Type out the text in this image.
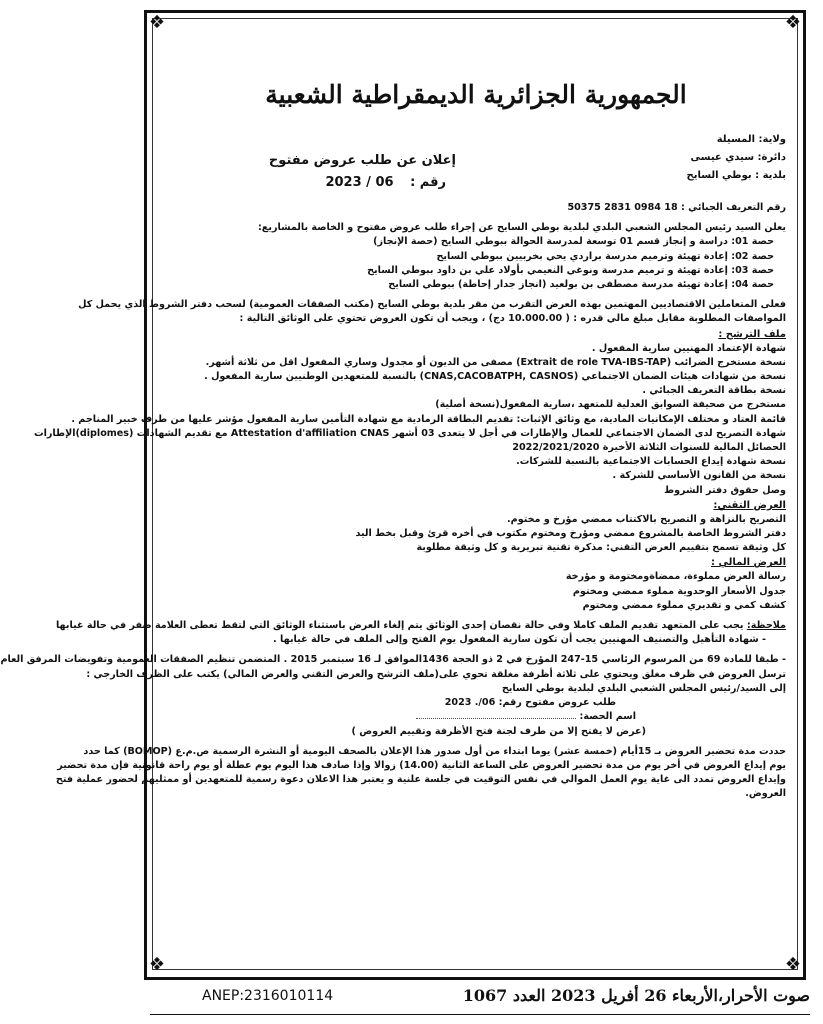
❖	❖
❖	❖
الجمهورية الجزائرية الديمقراطية الشعبية
ولاية: المسيلة
دائرة: سيدي عيسى
بلدية : بوطي السايح
إعلان عن طلب عروض مفتوح
رقم : 06 / 2023
رقم التعريف الجبائي : 18 0984 2831 50375
يعلن السيد رئيس المجلس الشعبي البلدي لبلدية بوطي السايح عن إجراء طلب عروض مفتوح و الخاصة بالمشاريع:
حصة 01: دراسة و إنجاز قسم 01 توسعة لمدرسة الحوالة ببوطي السايح (حصة الإنجاز)
حصة 02: إعادة تهيئة وترميم مدرسة براردي يحي بخربيين ببوطي السايح
حصة 03: إعادة تهيئة و ترميم مدرسة ونوغي النعيمي بأولاد علي بن داود ببوطي السايح
حصة 04: إعادة تهيئة مدرسة مصطفى بن بولعيد (انجاز جدار إحاطة) ببوطي السايح
فعلى المتعاملين الاقتصاديين المهتمين بهذه العرض التقرب من مقر بلدية بوطي السايح (مكتب الصفقات العمومية) لسحب دفتر الشروط الذي يحمل كل
المواصفات المطلوبة مقابل مبلغ مالي قدره : ( 10.000.00 دج) ، ويجب أن تكون العروض تحتوي على الوثائق التالية :
ملف الترشح :
شهادة الإعتماد المهنيين سارية المفعول .
نسخة مستخرج الضرائب (Extrait de role TVA-IBS-TAP) مصفى من الديون أو مجدول وساري المفعول اقل من ثلاثة أشهر.
نسخة من شهادات هيئات الضمان الاجتماعي (CNAS,CACOBATPH, CASNOS) بالنسبة للمتعهدين الوطنيين سارية المفعول .
نسخة بطاقة التعريف الجبائي .
مستخرج من صحيفة السوابق العدلية للمتعهد ،سارية المفعول(نسخة أصلية)
قائمة العتاد و مختلف الإمكانيات المادية، مع وثائق الإثبات: تقديم البطاقة الرمادية مع شهادة التأمين سارية المفعول مؤشر عليها من طرف خبير المناجم .
شهادة التصريح لدى الضمان الاجتماعي للعمال والإطارات في أجل لا يتعدى 03 أشهر Attestation d'affiliation CNAS مع تقديم الشهادات (diplomes)الإطارات
الحصائل المالية للسنوات الثلاثة الأخيرة 2022/2021/2020
نسخة شهادة إيداع الحسابات الاجتماعية بالنسبة للشركات.
نسخة من القانون الأساسي للشركة .
وصل حقوق دفتر الشروط
العرض التقني:
التصريح بالنزاهة و التصريح بالاكتتاب ممضي مؤرخ و مختوم.
دفتر الشروط الخاصة بالمشروع ممضي ومؤرخ ومختوم مكتوب في أخره قرئ وقبل بخط اليد
كل وثيقة تسمح بتقييم العرض التقني: مذكرة تقنية تبريرية و كل وثيقة مطلوبة
العرض المالي :
رسالة العرض مملوءة، ممضاةومختومة و مؤرخة
جدول الأسعار الوحدوية مملوء ممضي ومختوم
كشف كمي و تقديري مملوء ممضي ومختوم
ملاحظة: يجب على المتعهد تقديم الملف كاملا وفي حالة نقصان إحدى الوثائق يتم إلغاء العرض باستثناء الوثائق التي لتقط تعطى العلامة صفر في حالة غيابها
- شهادة التأهيل والتصنيف المهنيين يجب أن تكون سارية المفعول يوم الفتح وإلى الملف في حالة غيابها .
- طبقا للمادة 69 من المرسوم الرئاسي 15-247 المؤرخ في 2 ذو الحجة 1436الموافق لـ 16 سبتمبر 2015 . المتضمن تنظيم الصفقات العمومية وتفويضات المرفق العام
ترسل العروض في ظرف مغلق ويحتوي على ثلاثة أظرفة مغلقة تحوي على(ملف الترشح والعرض التقني والعرض المالي) يكتب على الظرف الخارجي :
إلى السيد/رئيس المجلس الشعبي البلدي لبلدية بوطي السايح
طلب عروض مفتوح رقم: 06/. 2023
اسم الحصة:
(عرض لا يفتح إلا من طرف لجنة فتح الأظرفة وتقييم العروض )
حددت مدة تحضير العروض بـ 15أيام (خمسة عشر) يوما ابتداء من أول صدور هذا الإعلان بالصحف اليومية أو النشرة الرسمية ص.م.ع (BOMOP) كما حدد
يوم إيداع العروض في أخر يوم من مدة تحضير العروض على الساعة الثانية (14.00) زوالا وإذا صادف هذا اليوم يوم عطلة أو يوم راحة قانونية فإن مدة تحضير
وإيداع العروض تمدد الى غاية يوم العمل الموالي في نفس التوقيت في جلسة علنية و يعتبر هذا الاعلان دعوة رسمية للمتعهدين أو ممثليهم لحضور عملية فتح
العروض.
صوت الأحرار،الأربعاء 26 أفريل 2023 العدد 1067
ANEP:2316010114
